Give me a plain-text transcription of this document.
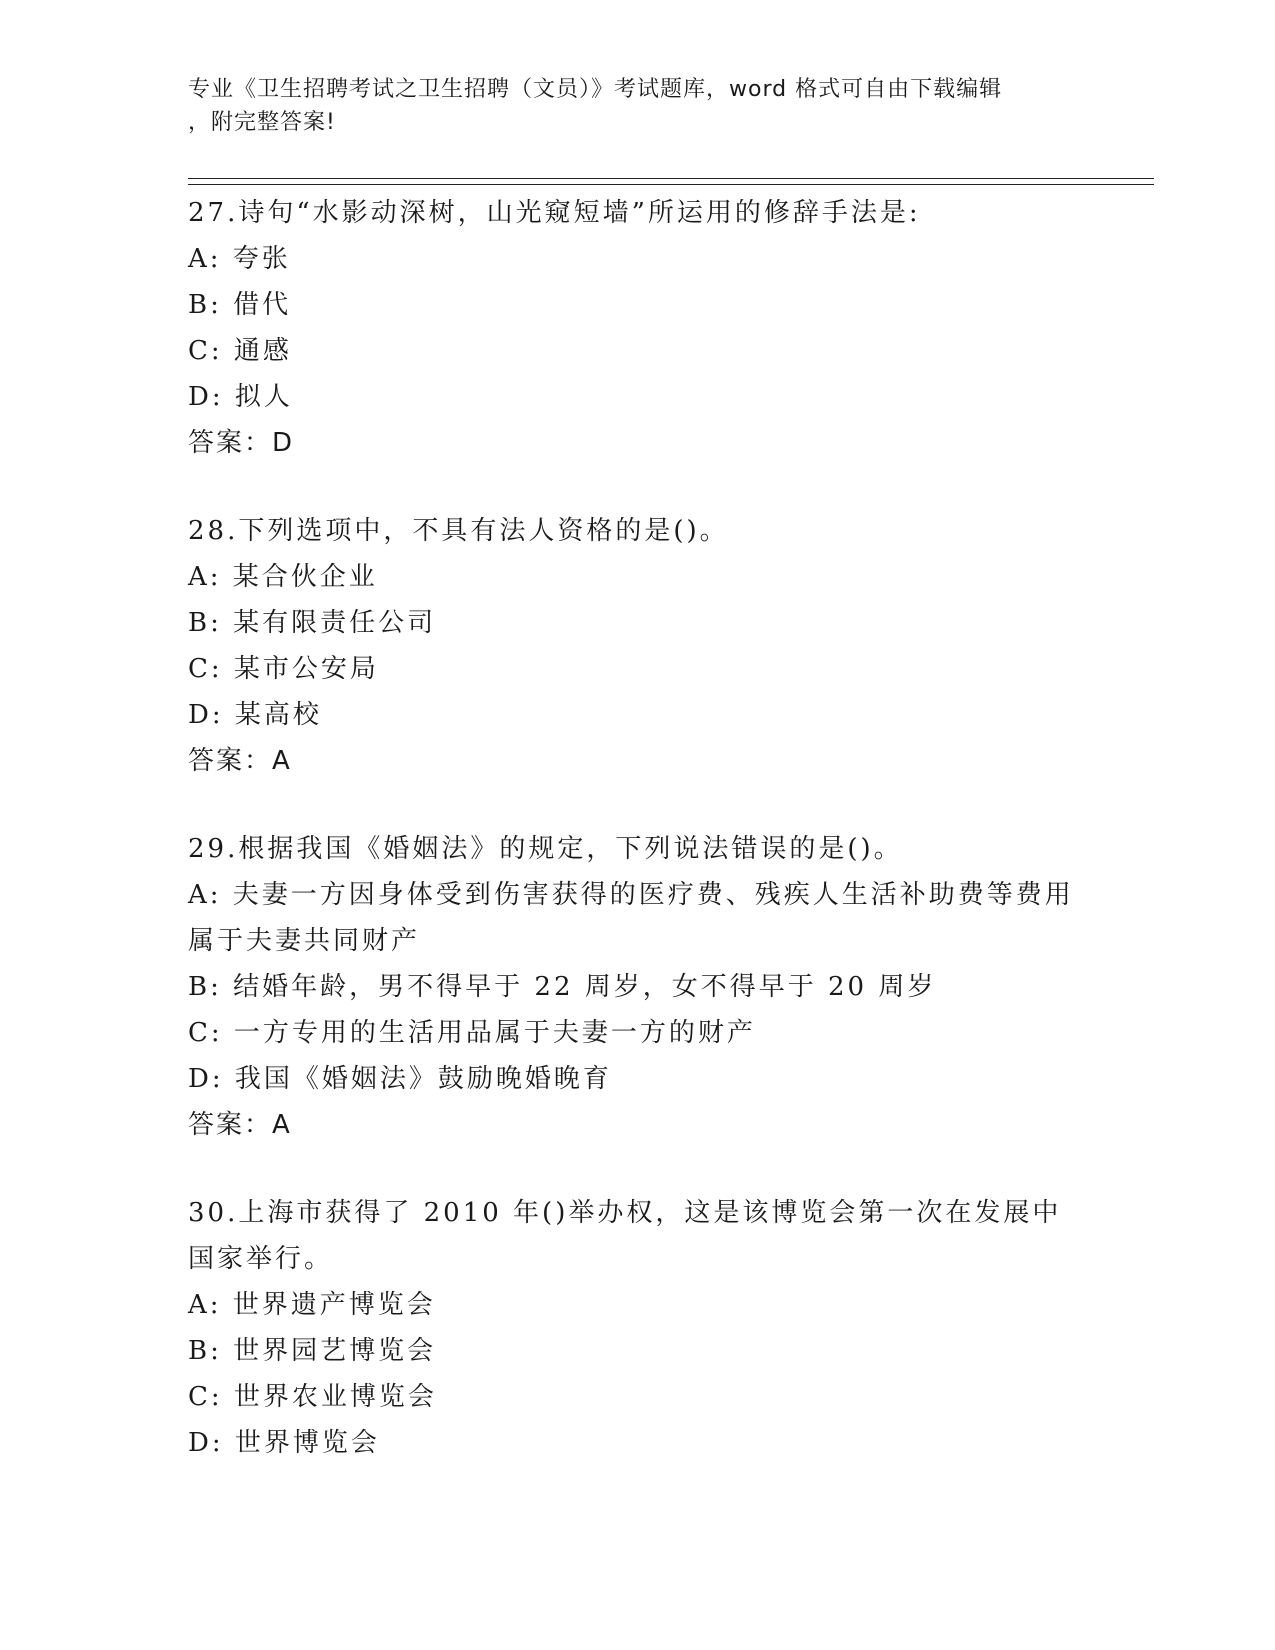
专业《卫生招聘考试之卫生招聘（文员）》考试题库，word 格式可自由下载编辑
，附完整答案!
27.诗句“水影动深树，山光窥短墙”所运用的修辞手法是:
A: 夸张
B: 借代
C: 通感
D: 拟人
答案：D
28.下列选项中，不具有法人资格的是()。
A: 某合伙企业
B: 某有限责任公司
C: 某市公安局
D: 某高校
答案：A
29.根据我国《婚姻法》的规定，下列说法错误的是()。
A: 夫妻一方因身体受到伤害获得的医疗费、残疾人生活补助费等费用属于夫妻共同财产
B: 结婚年龄，男不得早于 22 周岁，女不得早于 20 周岁
C: 一方专用的生活用品属于夫妻一方的财产
D: 我国《婚姻法》鼓励晚婚晚育
答案：A
30.上海市获得了 2010 年()举办权，这是该博览会第一次在发展中国家举行。
A: 世界遗产博览会
B: 世界园艺博览会
C: 世界农业博览会
D: 世界博览会
